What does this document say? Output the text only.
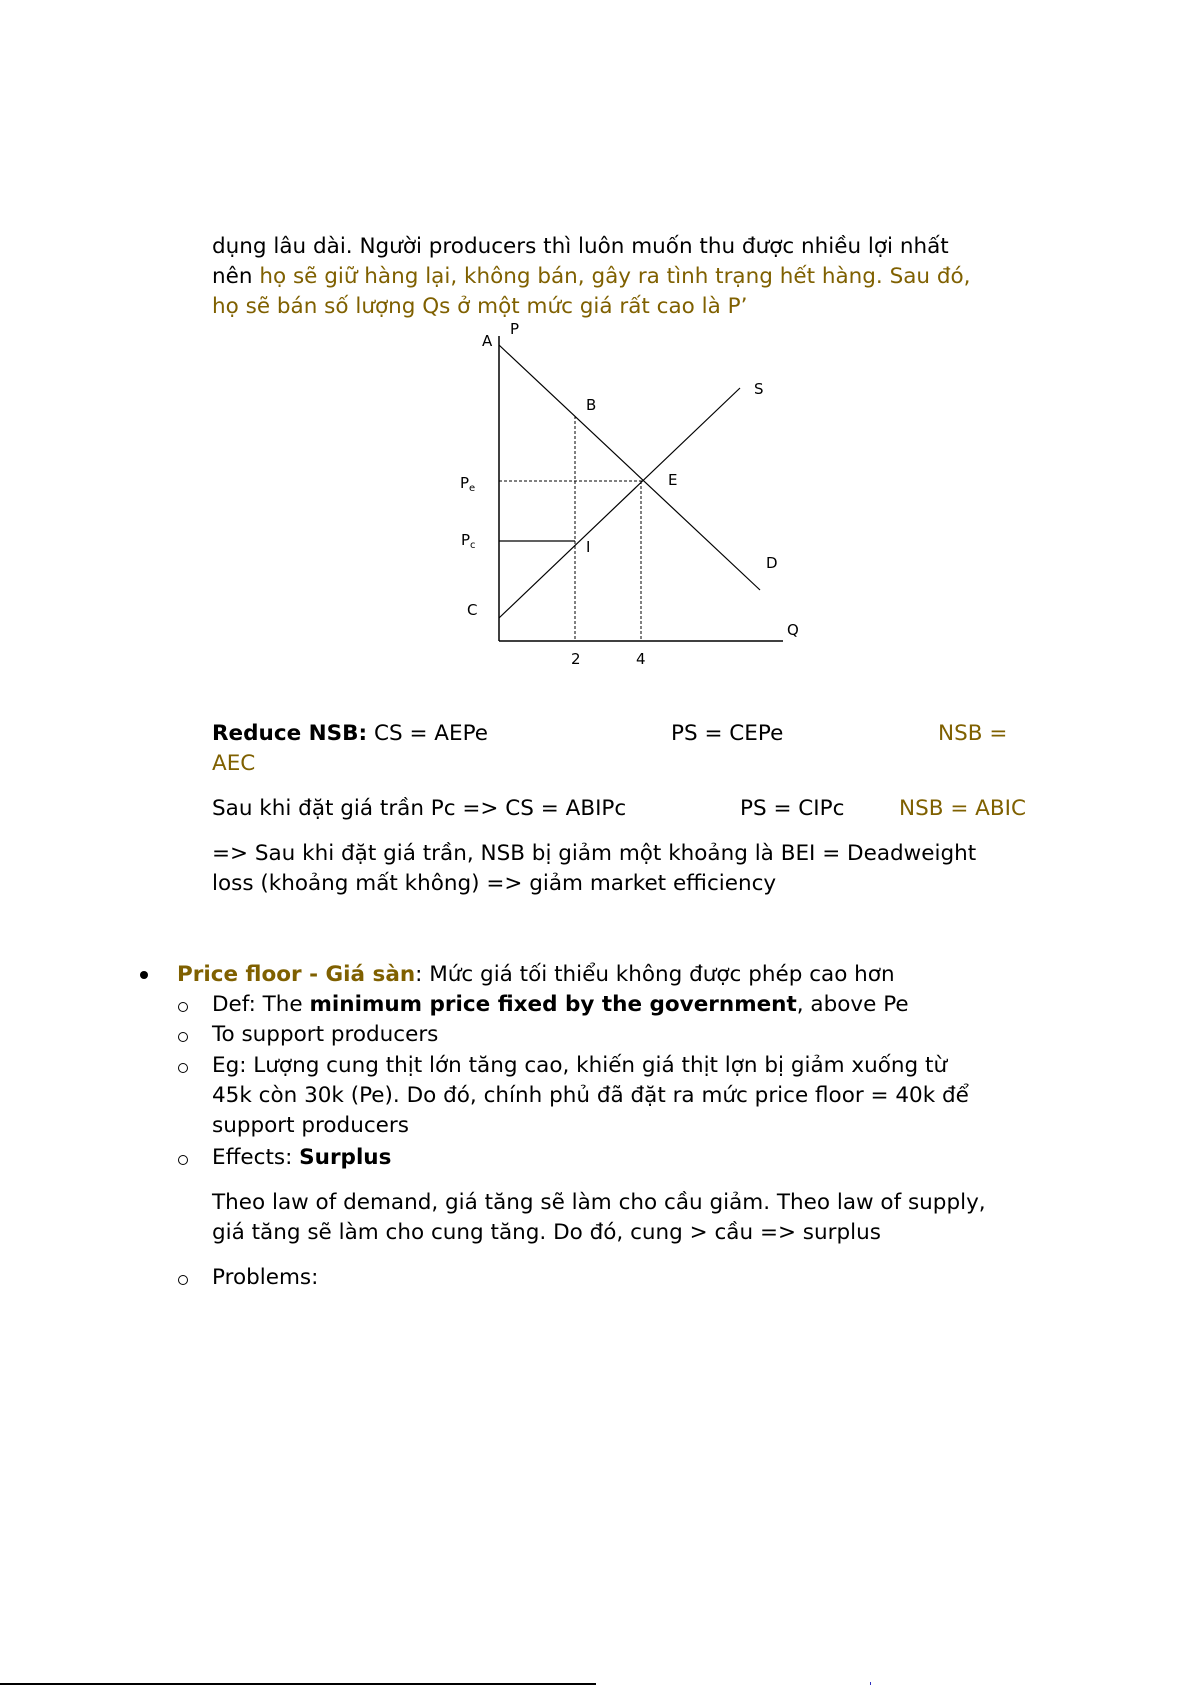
dụng lâu dài. Người producers thì luôn muốn thu được nhiều lợi nhất
nên họ sẽ giữ hàng lại, không bán, gây ra tình trạng hết hàng. Sau đó,
họ sẽ bán số lượng Qs ở một mức giá rất cao là P’
A
P
B
S
$P_e$	E
$P_c$	I
D
C
Q
2	4
Reduce NSB: CS = AEPe	PS = CEPe	NSB =
AEC
Sau khi đặt giá trần Pc => CS = ABIPc	PS = CIPc	NSB = ABIC
=> Sau khi đặt giá trần, NSB bị giảm một khoảng là BEI = Deadweight
loss (khoảng mất không) => giảm market efficiency
Price floor - Giá sàn: Mức giá tối thiểu không được phép cao hơn
Def: The minimum price fixed by the government, above Pe
To support producers
Eg: Lượng cung thịt lớn tăng cao, khiến giá thịt lợn bị giảm xuống từ
45k còn 30k (Pe). Do đó, chính phủ đã đặt ra mức price floor = 40k để
support producers
Effects: Surplus
Theo law of demand, giá tăng sẽ làm cho cầu giảm. Theo law of supply,
giá tăng sẽ làm cho cung tăng. Do đó, cung > cầu => surplus
Problems:
